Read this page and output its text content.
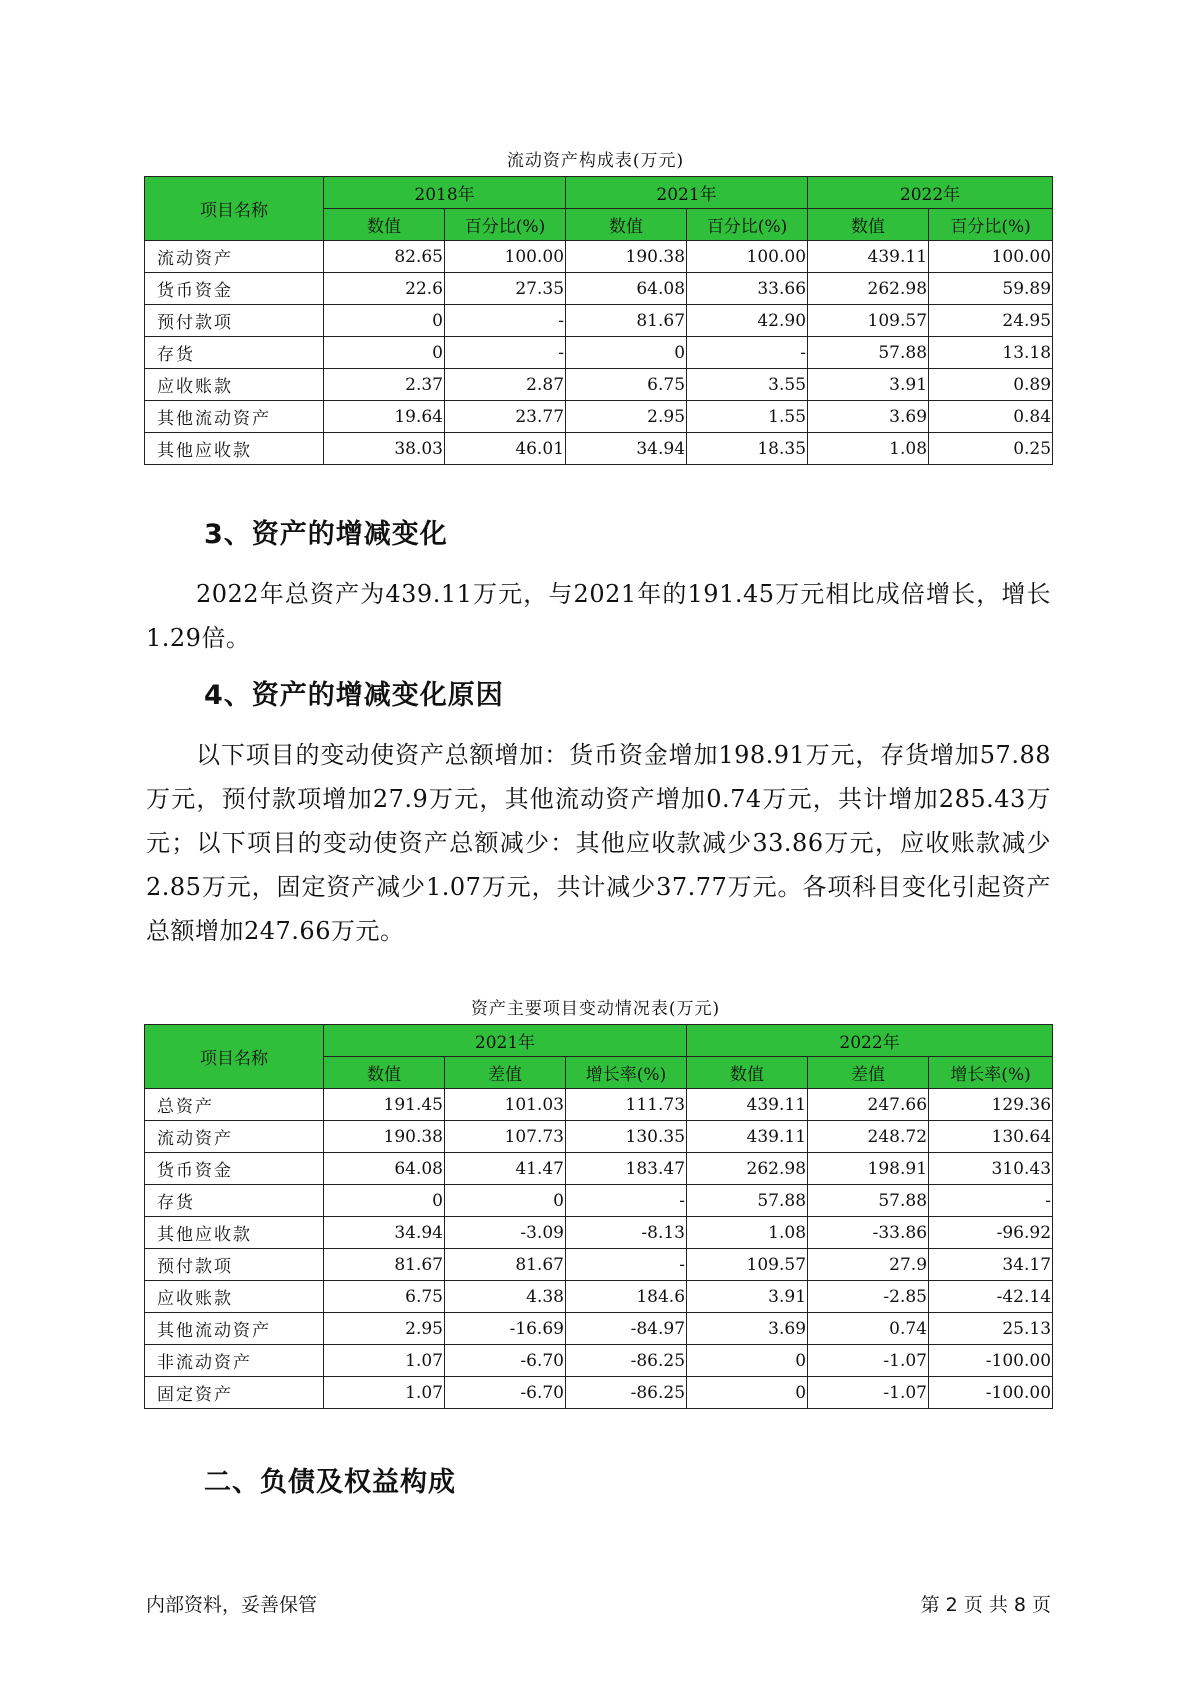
流动资产构成表(万元)
项目名称	2018年		2021年		2022年	
	数值	百分比(%)	数值	百分比(%)	数值	百分比(%)
流动资产	82.65	100.00	190.38	100.00	439.11	100.00
货币资金	22.6	27.35	64.08	33.66	262.98	59.89
预付款项	0	-	81.67	42.90	109.57	24.95
存货	0	-	0	-	57.88	13.18
应收账款	2.37	2.87	6.75	3.55	3.91	0.89
其他流动资产	19.64	23.77	2.95	1.55	3.69	0.84
其他应收款	38.03	46.01	34.94	18.35	1.08	0.25
3、资产的增减变化

2022年总资产为439.11万元，与2021年的191.45万元相比成倍增长，增长1.29倍。

4、资产的增减变化原因

以下项目的变动使资产总额增加：货币资金增加198.91万元，存货增加57.88万元，预付款项增加27.9万元，其他流动资产增加0.74万元，共计增加285.43万元；以下项目的变动使资产总额减少：其他应收款减少33.86万元，应收账款减少2.85万元，固定资产减少1.07万元，共计减少37.77万元。各项科目变化引起资产总额增加247.66万元。

资产主要项目变动情况表(万元)
项目名称	2021年			2022年		
	数值	差值	增长率(%)	数值	差值	增长率(%)
总资产	191.45	101.03	111.73	439.11	247.66	129.36
流动资产	190.38	107.73	130.35	439.11	248.72	130.64
货币资金	64.08	41.47	183.47	262.98	198.91	310.43
存货	0	0	-	57.88	57.88	-
其他应收款	34.94	-3.09	-8.13	1.08	-33.86	-96.92
预付款项	81.67	81.67	-	109.57	27.9	34.17
应收账款	6.75	4.38	184.6	3.91	-2.85	-42.14
其他流动资产	2.95	-16.69	-84.97	3.69	0.74	25.13
非流动资产	1.07	-6.70	-86.25	0	-1.07	-100.00
固定资产	1.07	-6.70	-86.25	0	-1.07	-100.00
二、负债及权益构成
内部资料，妥善保管	第 2 页 共 8 页
